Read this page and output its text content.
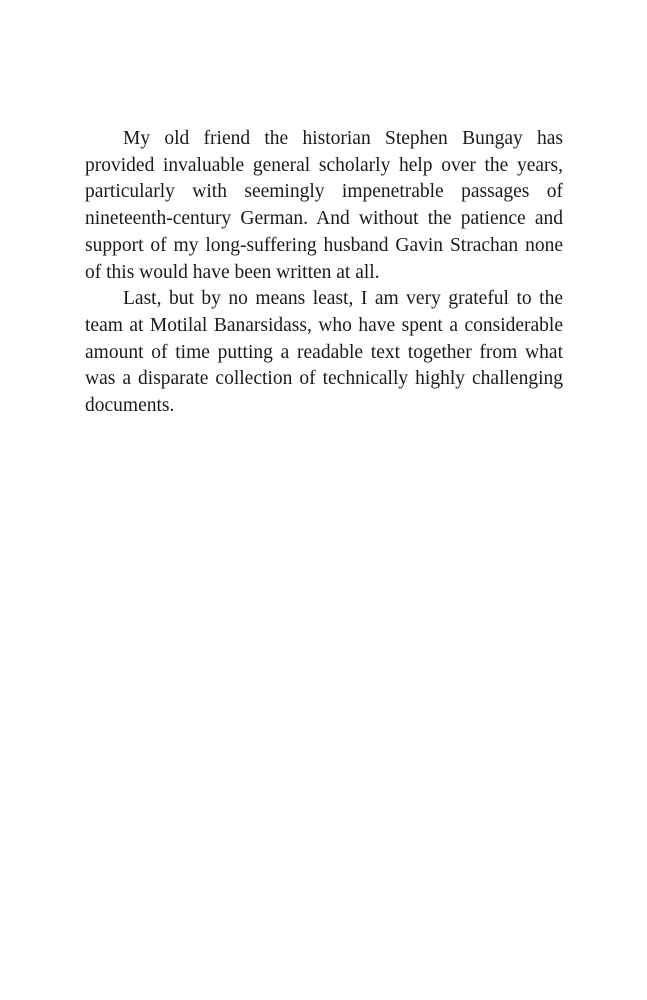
My old friend the historian Stephen Bungay has provided invaluable general scholarly help over the years, particularly with seemingly impenetrable passages of nineteenth-century German. And without the patience and support of my long-suffering husband Gavin Strachan none of this would have been written at all.

Last, but by no means least, I am very grateful to the team at Motilal Banarsidass, who have spent a considerable amount of time putting a readable text together from what was a disparate collection of technically highly challenging documents.
